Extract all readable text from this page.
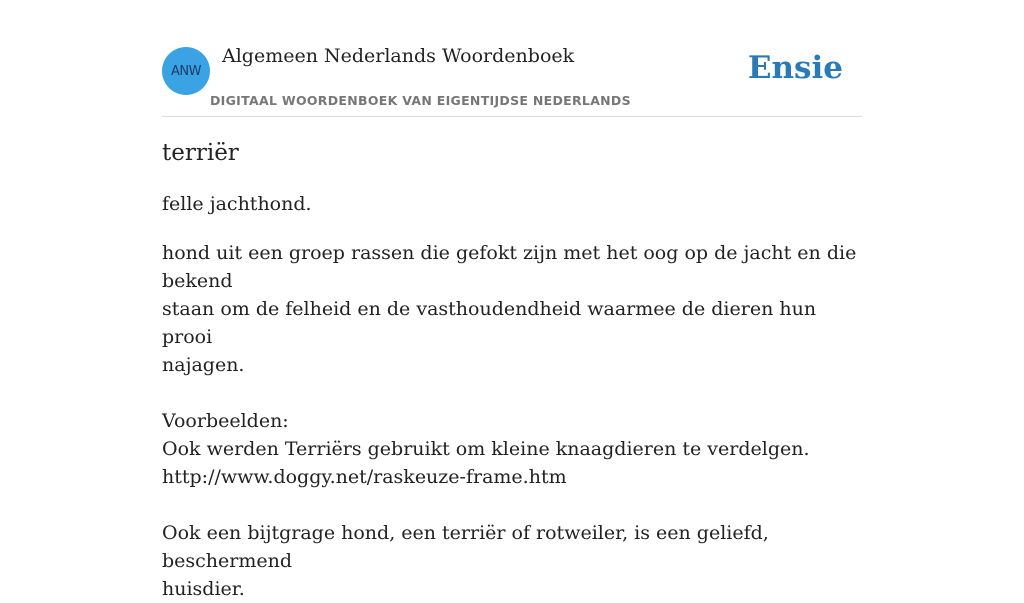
ANW
Algemeen Nederlands Woordenboek
DIGITAAL WOORDENBOEK VAN EIGENTIJDSE NEDERLANDS
Ensie
terriër
felle jachthond.

hond uit een groep rassen die gefokt zijn met het oog op de jacht en die bekend

staan om de felheid en de vasthoudendheid waarmee de dieren hun prooi

najagen.

Voorbeelden:

Ook werden Terriërs gebruikt om kleine knaagdieren te verdelgen.

http://www.doggy.net/raskeuze-frame.htm

Ook een bijtgrage hond, een terriër of rotweiler, is een geliefd, beschermend

huisdier.
